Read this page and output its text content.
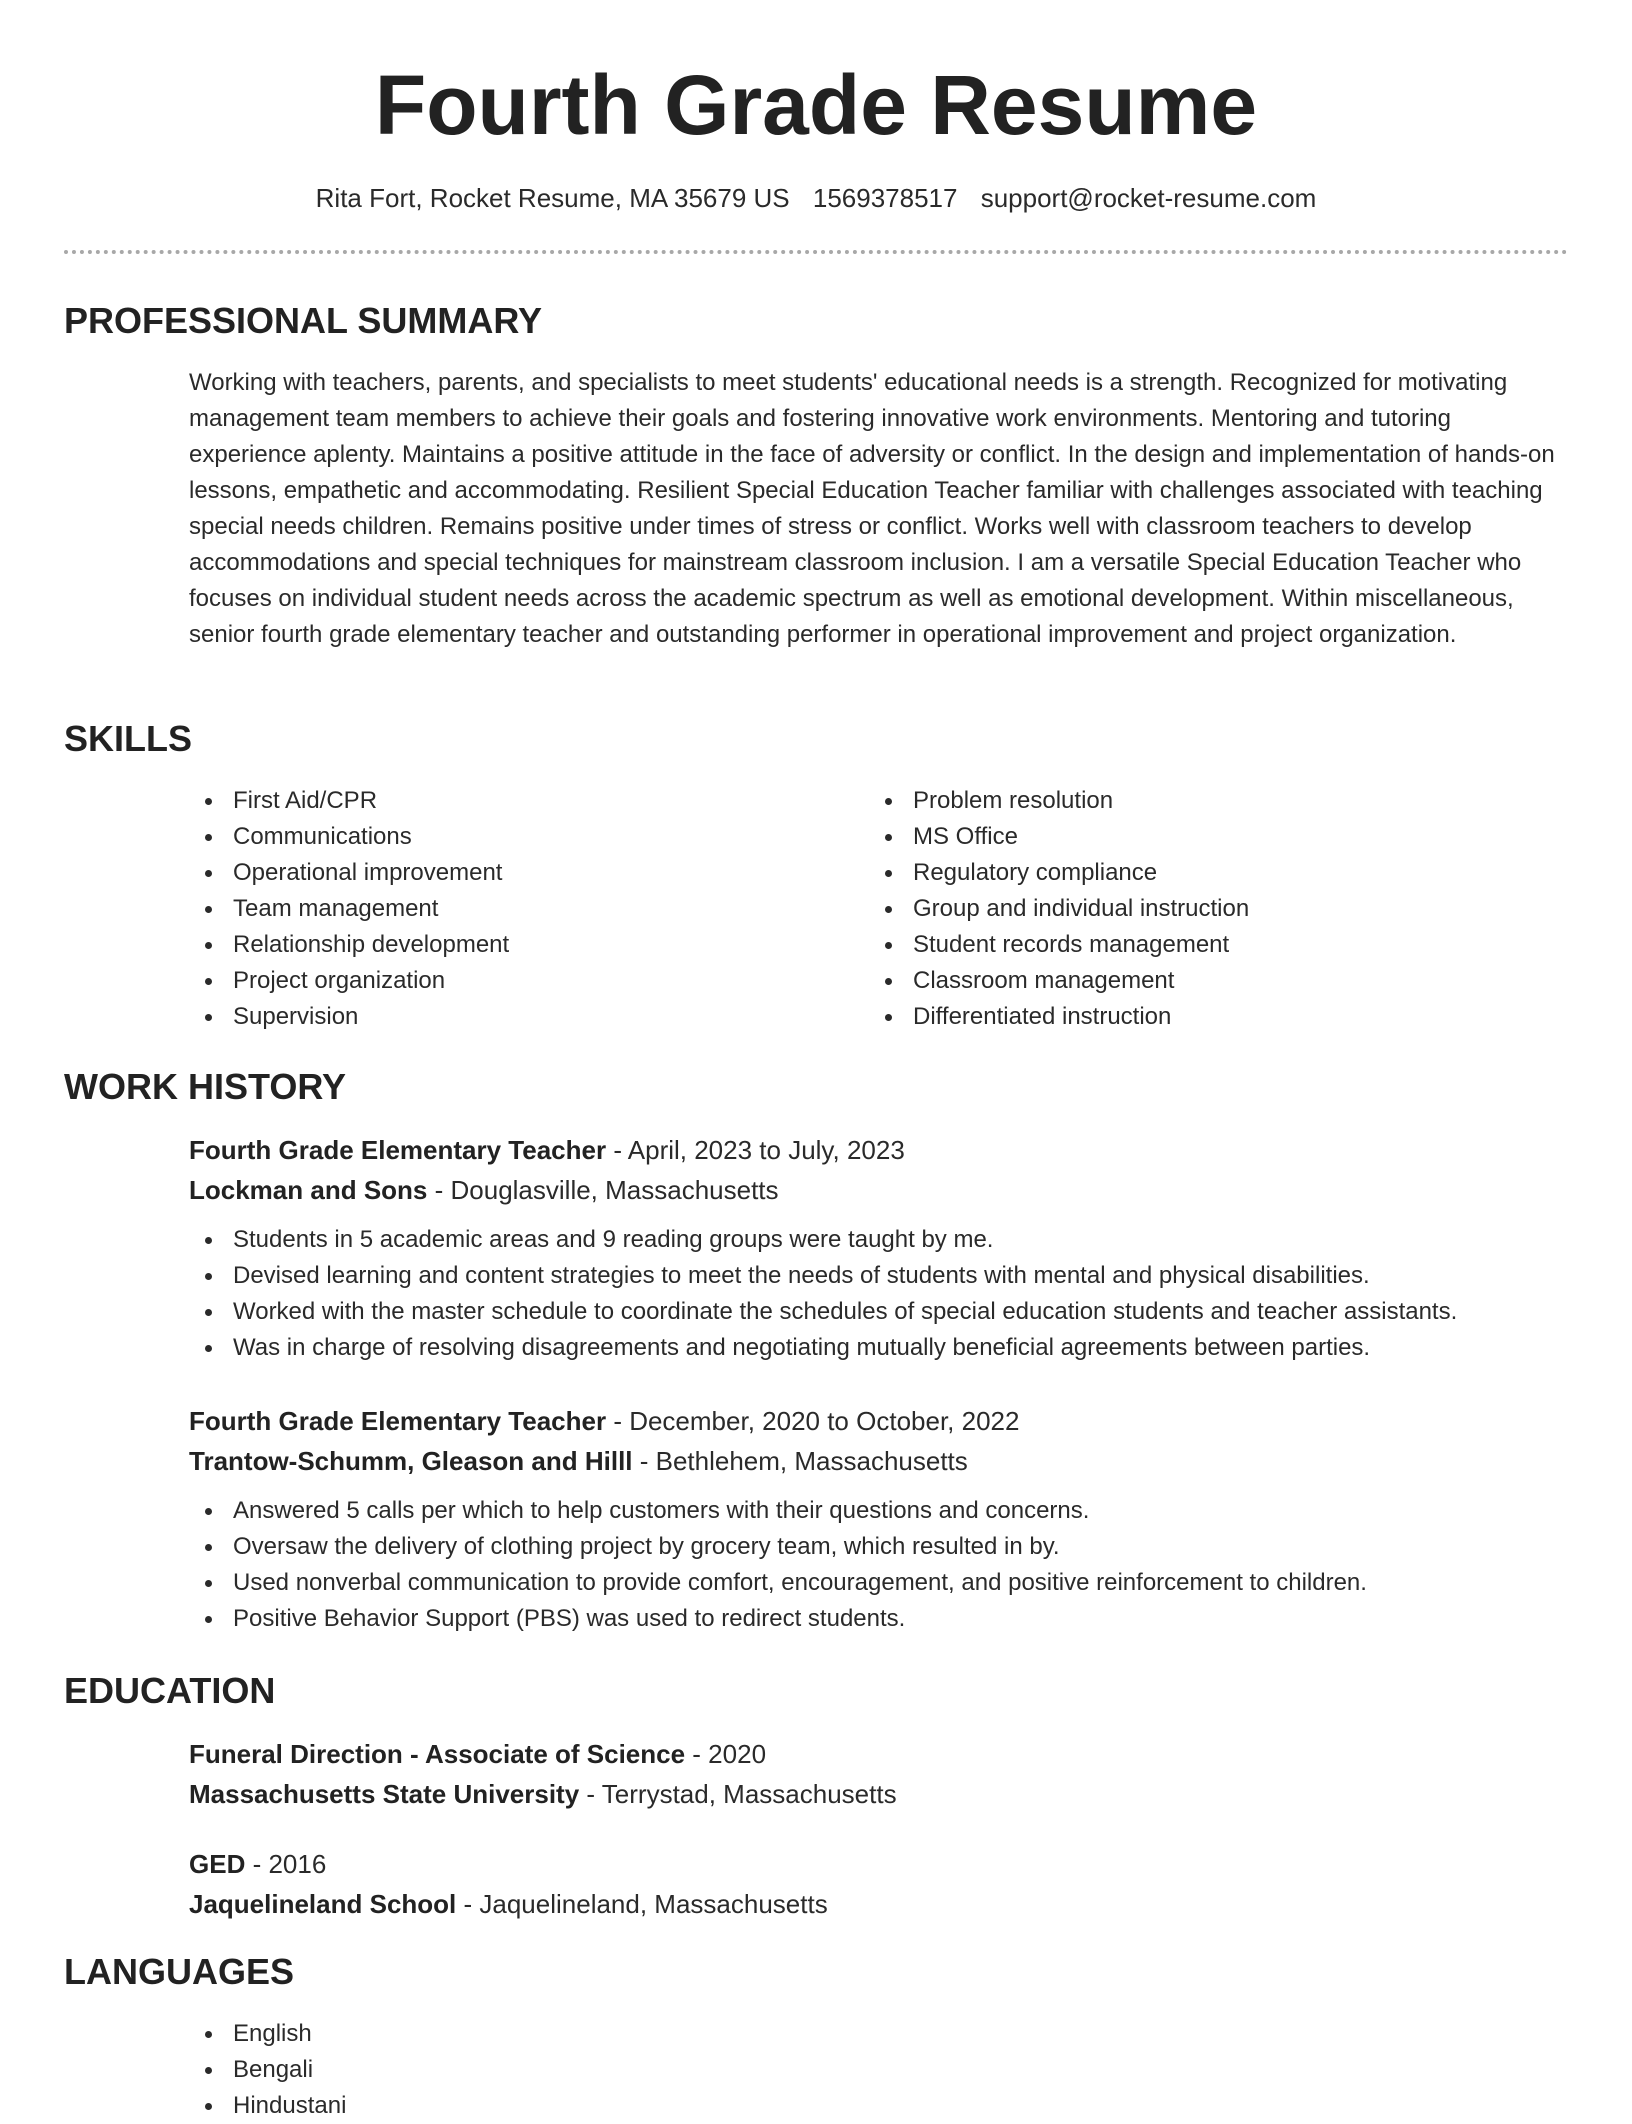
Fourth Grade Resume
Rita Fort, Rocket Resume, MA 35679 US 1569378517 support@rocket-resume.com
PROFESSIONAL SUMMARY

Working with teachers, parents, and specialists to meet students' educational needs is a strength. Recognized for motivating management team members to achieve their goals and fostering innovative work environments. Mentoring and tutoring experience aplenty. Maintains a positive attitude in the face of adversity or conflict. In the design and implementation of hands-on lessons, empathetic and accommodating. Resilient Special Education Teacher familiar with challenges associated with teaching special needs children. Remains positive under times of stress or conflict. Works well with classroom teachers to develop accommodations and special techniques for mainstream classroom inclusion. I am a versatile Special Education Teacher who focuses on individual student needs across the academic spectrum as well as emotional development. Within miscellaneous, senior fourth grade elementary teacher and outstanding performer in operational improvement and project organization.

SKILLS
First Aid/CPR
Communications
Operational improvement
Team management
Relationship development
Project organization
Supervision
Problem resolution
MS Office
Regulatory compliance
Group and individual instruction
Student records management
Classroom management
Differentiated instruction
WORK HISTORY
Fourth Grade Elementary Teacher - April, 2023 to July, 2023
Lockman and Sons - Douglasville, Massachusetts
Students in 5 academic areas and 9 reading groups were taught by me.
Devised learning and content strategies to meet the needs of students with mental and physical disabilities.
Worked with the master schedule to coordinate the schedules of special education students and teacher assistants.
Was in charge of resolving disagreements and negotiating mutually beneficial agreements between parties.
Fourth Grade Elementary Teacher - December, 2020 to October, 2022
Trantow-Schumm, Gleason and Hilll - Bethlehem, Massachusetts
Answered 5 calls per which to help customers with their questions and concerns.
Oversaw the delivery of clothing project by grocery team, which resulted in by.
Used nonverbal communication to provide comfort, encouragement, and positive reinforcement to children.
Positive Behavior Support (PBS) was used to redirect students.
EDUCATION
Funeral Direction - Associate of Science - 2020
Massachusetts State University - Terrystad, Massachusetts
GED - 2016
Jaquelineland School - Jaquelineland, Massachusetts
LANGUAGES
English
Bengali
Hindustani
